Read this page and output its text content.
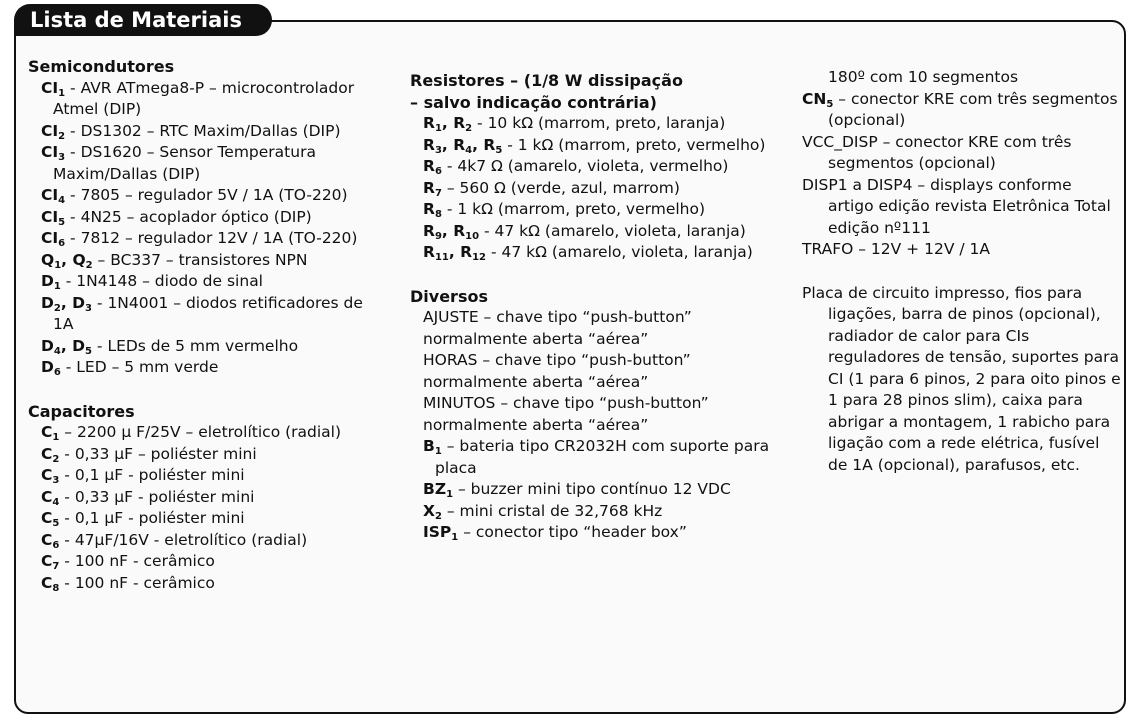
Lista de Materiais

Semicondutores

$CI_1$ - AVR ATmega8-P – microcontrolador Atmel (DIP)

$CI_2 - DS1302$ – RTC Maxim/Dallas (DIP)

$CI_3 - DS1620$ – Sensor Temperatura Maxim/Dallas (DIP)

$CI_4 - 7805$ – regulador 5V / 1A (TO-220)

$CI_5 - 4N25$ – acoplador óptico (DIP)

$CI_6 - 7812$ – regulador 12V / 1A (TO-220)

$Q_1$, $Q_2 - BC337$ – transistores NPN

$D_1 - 1N4148$ – diodo de sinal

$D_2$, $D_3 - 1N4001$ – diodos retificadores de 1A

$D_4$, $D_5$ - LEDs de 5 mm vermelho

$D_6$ - LED – 5 mm verde

Capacitores

$C_1 - 2200$ μ F/25V – eletrolítico (radial)

$C_2 - 0,33$ μF – poliéster mini

$C_3 - 0,1$ μF - poliéster mini

$C_4 - 0,33$ μF - poliéster mini

$C_5 - 0,1$ μF - poliéster mini

$C_6 - 47\mu F/16V$ - eletrolítico (radial)

$C_7 - 100$ nF - cerâmico

$C_8 - 100$ nF - cerâmico

Resistores – (1/8 W dissipação

– salvo indicação contrária)

$R_1$, $R_2 - 10$ kΩ (marrom, preto, laranja)

$R_3$, $R_4$, $R_5 - 1$ kΩ (marrom, preto, vermelho)

$R_6 - 4k7$ Ω (amarelo, violeta, vermelho)

$R_7 - 560$ Ω (verde, azul, marrom)

$R_8 - 1$ kΩ (marrom, preto, vermelho)

$R_9$, $R_{10} - 47$ kΩ (amarelo, violeta, laranja)

$R_{11}$, $R_{12} - 47$ kΩ (amarelo, violeta, laranja)

Diversos

AJUSTE – chave tipo “push-button” normalmente aberta “aérea”

HORAS – chave tipo “push-button” normalmente aberta “aérea”

MINUTOS – chave tipo “push-button” normalmente aberta “aérea”

$B_1$ – bateria tipo CR2032H com suporte para placa

$BZ_1$ – buzzer mini tipo contínuo 12 VDC

$X_2$ – mini cristal de 32,768 kHz

$ISP_1$ – conector tipo “header box”

180º com 10 segmentos

$CN_5$ – conector KRE com três segmentos (opcional)

VCC_DISP – conector KRE com três segmentos (opcional)

DISP1 a DISP4 – displays conforme artigo edição revista Eletrônica Total edição nº111

TRAFO – 12V + 12V / 1A

Placa de circuito impresso, fios para ligações, barra de pinos (opcional), radiador de calor para CIs reguladores de tensão, suportes para CI (1 para 6 pinos, 2 para oito pinos e 1 para 28 pinos slim), caixa para abrigar a montagem, 1 rabicho para ligação com a rede elétrica, fusível de 1A (opcional), parafusos, etc.
